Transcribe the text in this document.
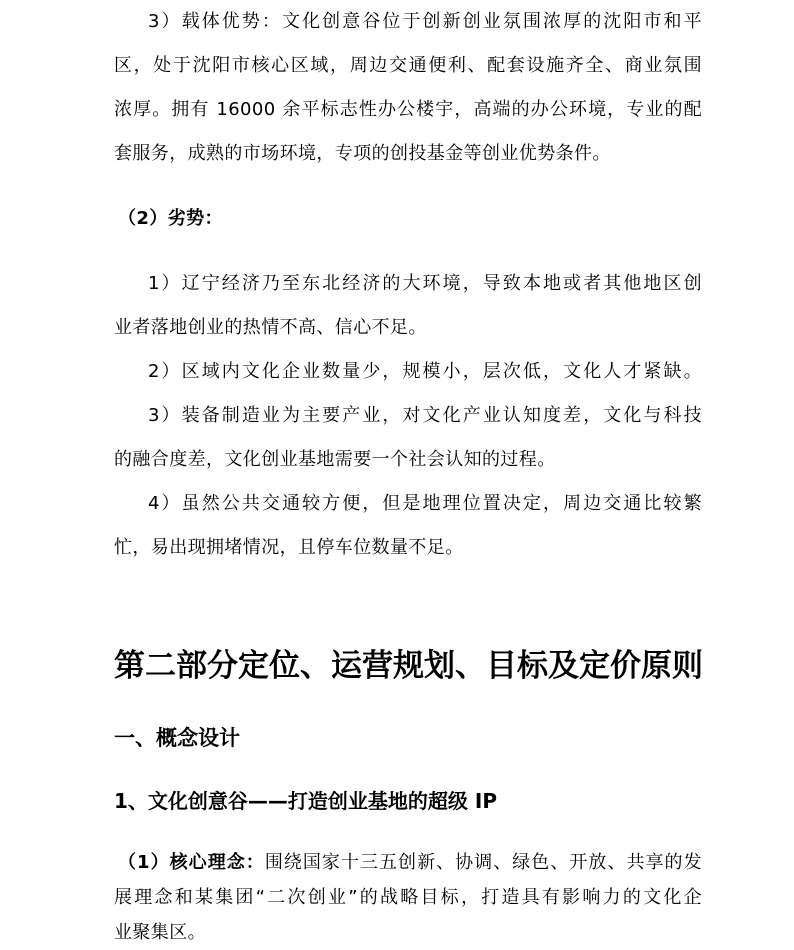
3）载体优势：文化创意谷位于创新创业氛围浓厚的沈阳市和平
区，处于沈阳市核心区域，周边交通便利、配套设施齐全、商业氛围
浓厚。拥有 16000 余平标志性办公楼宇，高端的办公环境，专业的配
套服务，成熟的市场环境，专项的创投基金等创业优势条件。
（2）劣势：
1）辽宁经济乃至东北经济的大环境，导致本地或者其他地区创
业者落地创业的热情不高、信心不足。
2）区域内文化企业数量少，规模小，层次低，文化人才紧缺。
3）装备制造业为主要产业，对文化产业认知度差，文化与科技
的融合度差，文化创业基地需要一个社会认知的过程。
4）虽然公共交通较方便，但是地理位置决定，周边交通比较繁
忙，易出现拥堵情况，且停车位数量不足。
第二部分定位、运营规划、目标及定价原则
一、概念设计
1、文化创意谷——打造创业基地的超级 IP
（1）核心理念：围绕国家十三五创新、协调、绿色、开放、共享的发
展理念和某集团“二次创业”的战略目标，打造具有影响力的文化企
业聚集区。
